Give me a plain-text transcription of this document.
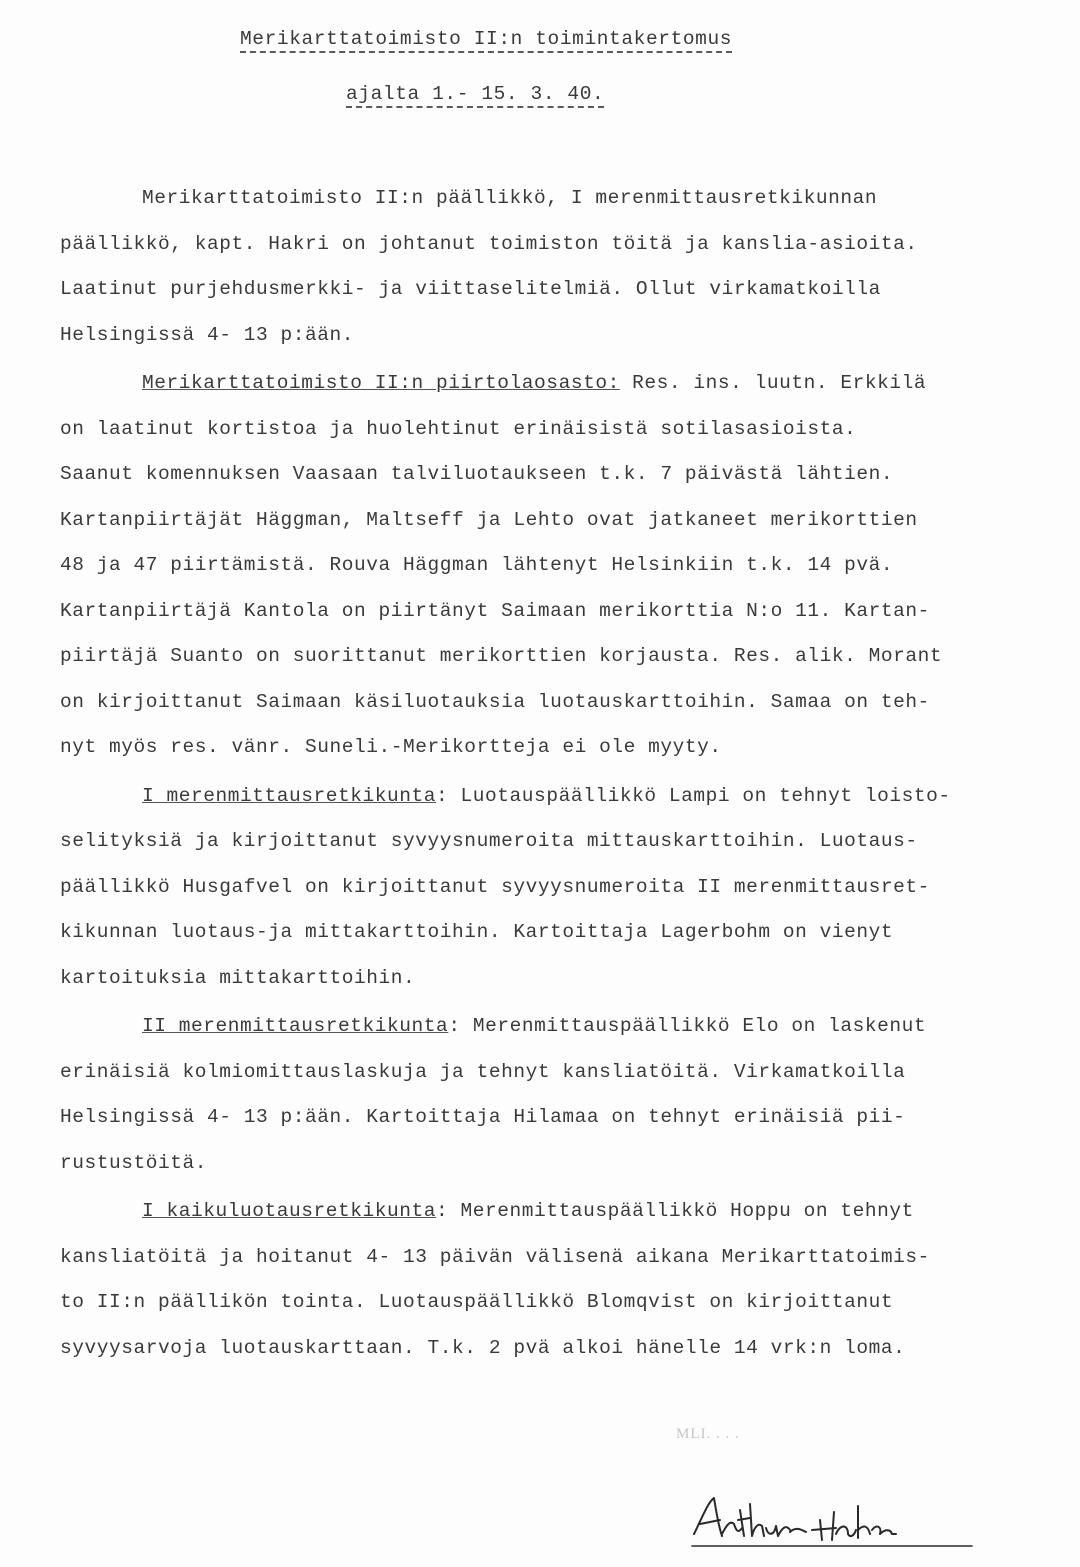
Merikarttatoimisto II:n toimintakertomus
ajalta 1.- 15. 3. 40.
Merikarttatoimisto II:n päällikkö, I merenmittausretkikunnan
päällikkö, kapt. Hakri on johtanut toimiston töitä ja kanslia-asioita.
Laatinut purjehdusmerkki- ja viittaselitelmiä. Ollut virkamatkoilla
Helsingissä 4- 13 p:ään.
Merikarttatoimisto II:n piirtolaosasto: Res. ins. luutn. Erkkilä
on laatinut kortistoa ja huolehtinut erinäisistä sotilasasioista.
Saanut komennuksen Vaasaan talviluotaukseen t.k. 7 päivästä lähtien.
Kartanpiirtäjät Häggman, Maltseff ja Lehto ovat jatkaneet merikorttien
48 ja 47 piirtämistä. Rouva Häggman lähtenyt Helsinkiin t.k. 14 pvä.
Kartanpiirtäjä Kantola on piirtänyt Saimaan merikorttia N:o 11. Kartan-
piirtäjä Suanto on suorittanut merikorttien korjausta. Res. alik. Morant
on kirjoittanut Saimaan käsiluotauksia luotauskarttoihin. Samaa on teh-
nyt myös res. vänr. Suneli.-Merikortteja ei ole myyty.
I merenmittausretkikunta: Luotauspäällikkö Lampi on tehnyt loisto-
selityksiä ja kirjoittanut syvyysnumeroita mittauskarttoihin. Luotaus-
päällikkö Husgafvel on kirjoittanut syvyysnumeroita II merenmittausret-
kikunnan luotaus-ja mittakarttoihin. Kartoittaja Lagerbohm on vienyt
kartoituksia mittakarttoihin.
II merenmittausretkikunta: Merenmittauspäällikkö Elo on laskenut
erinäisiä kolmiomittauslaskuja ja tehnyt kansliatöitä. Virkamatkoilla
Helsingissä 4- 13 p:ään. Kartoittaja Hilamaa on tehnyt erinäisiä pii-
rustustöitä.
I kaikuluotausretkikunta: Merenmittauspäällikkö Hoppu on tehnyt
kansliatöitä ja hoitanut 4- 13 päivän välisenä aikana Merikarttatoimis-
to II:n päällikön tointa. Luotauspäällikkö Blomqvist on kirjoittanut
syvyysarvoja luotauskarttaan. T.k. 2 pvä alkoi hänelle 14 vrk:n loma.
MLI. . . .
